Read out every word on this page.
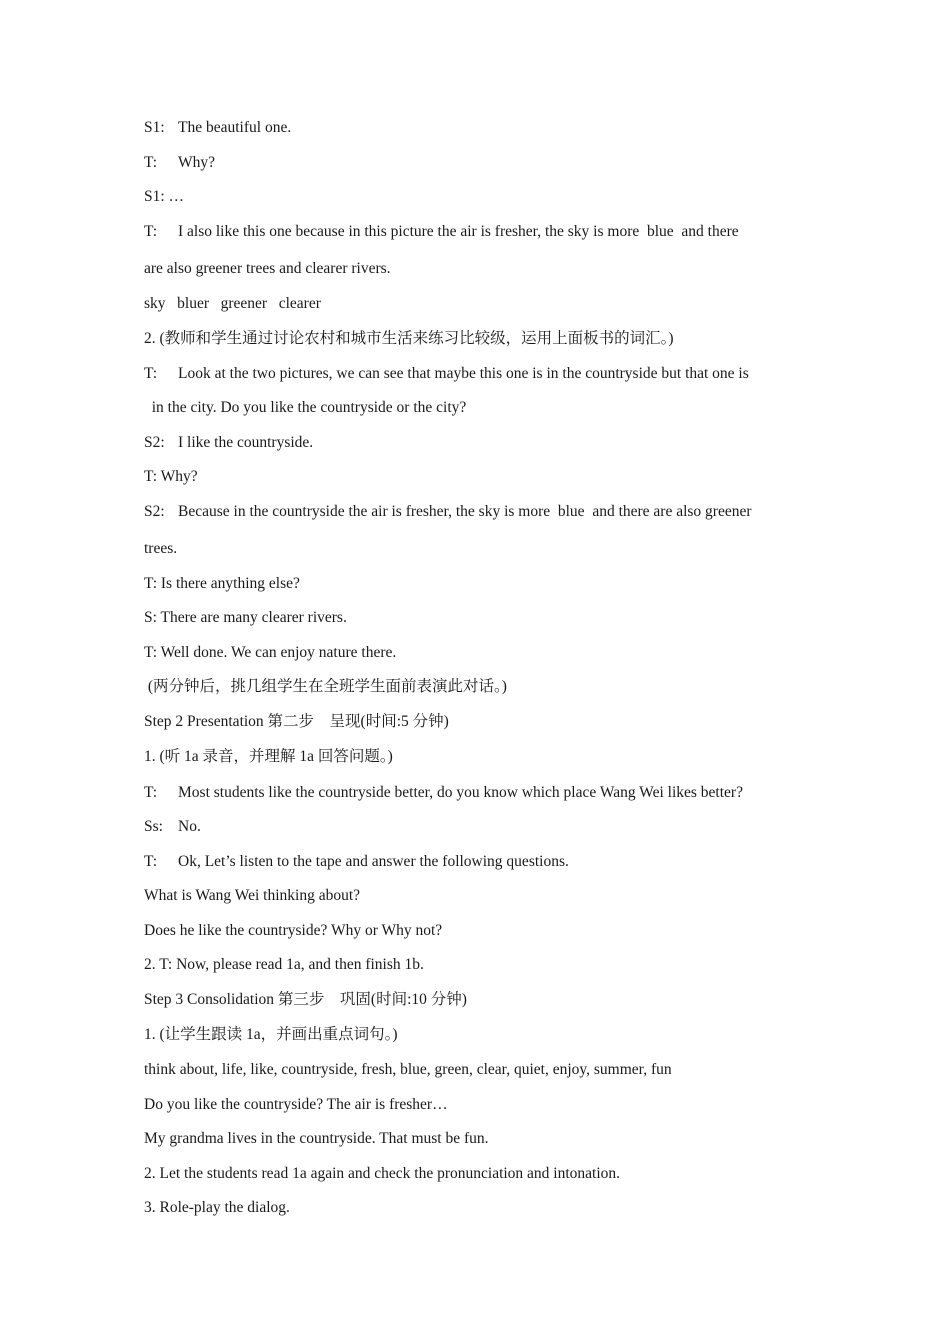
S1: The beautiful one.
T: Why?
S1: …
T: I also like this one because in this picture the air is fresher, the sky is more  blue  and there
are also greener trees and clearer rivers.
sky   bluer   greener   clearer
2. (教师和学生通过讨论农村和城市生活来练习比较级，运用上面板书的词汇。)
T: Look at the two pictures, we can see that maybe this one is in the countryside but that one is
in the city. Do you like the countryside or the city?
S2: I like the countryside.
T: Why?
S2: Because in the countryside the air is fresher, the sky is more  blue  and there are also greener
trees.
T: Is there anything else?
S: There are many clearer rivers.
T: Well done. We can enjoy nature there.
(两分钟后，挑几组学生在全班学生面前表演此对话。)
Step 2 Presentation 第二步    呈现(时间:5 分钟)
1. (听 1a 录音，并理解 1a 回答问题。)
T: Most students like the countryside better, do you know which place Wang Wei likes better?
Ss: No.
T: Ok, Let’s listen to the tape and answer the following questions.
What is Wang Wei thinking about?
Does he like the countryside? Why or Why not?
2. T: Now, please read 1a, and then finish 1b.
Step 3 Consolidation 第三步    巩固(时间:10 分钟)
1. (让学生跟读 1a，并画出重点词句。)
think about, life, like, countryside, fresh, blue, green, clear, quiet, enjoy, summer, fun
Do you like the countryside? The air is fresher…
My grandma lives in the countryside. That must be fun.
2. Let the students read 1a again and check the pronunciation and intonation.
3. Role-play the dialog.
